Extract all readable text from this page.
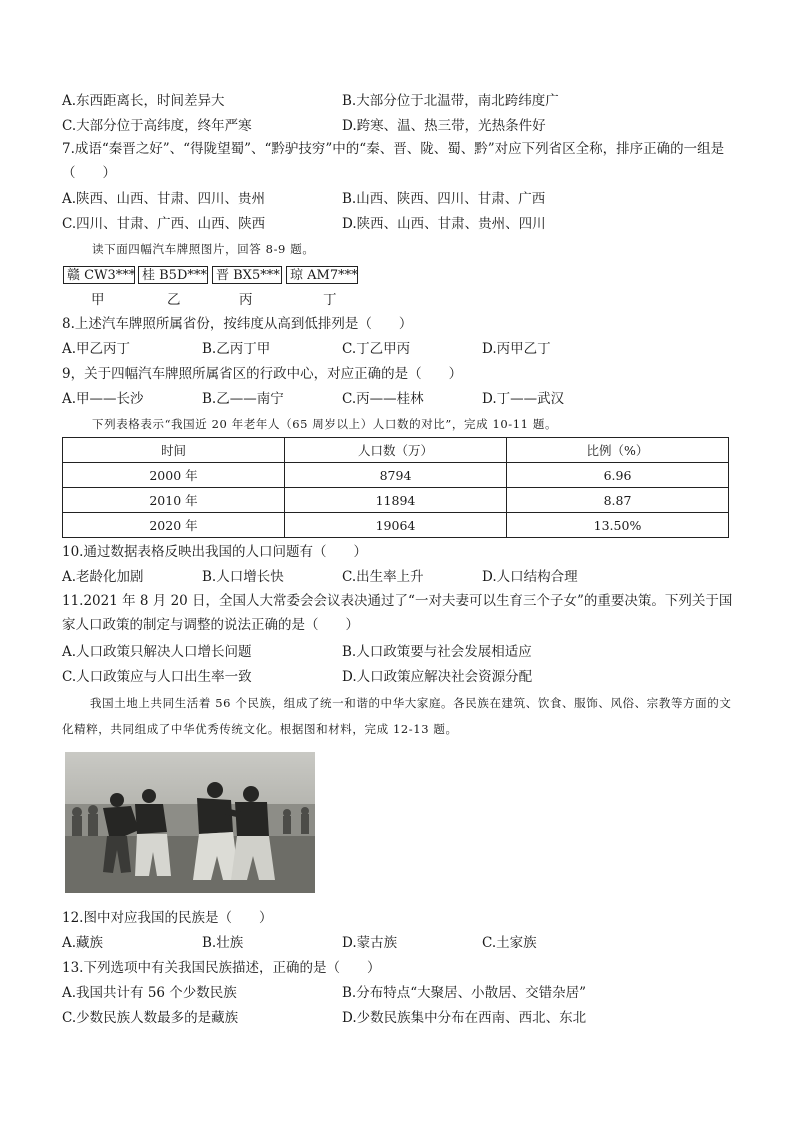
A.东西距离长，时间差异大	B.大部分位于北温带，南北跨纬度广
C.大部分位于高纬度，终年严寒	D.跨寒、温、热三带，光热条件好
7.成语“秦晋之好”、“得陇望蜀”、“黔驴技穷”中的“秦、晋、陇、蜀、黔”对应下列省区全称，排序正确的一组是（　　）
A.陕西、山西、甘肃、四川、贵州	B.山西、陕西、四川、甘肃、广西
C.四川、甘肃、广西、山西、陕西	D.陕西、山西、甘肃、贵州、四川
读下面四幅汽车牌照图片，回答 8-9 题。
赣 CW3*** 桂 B5D*** 晋 BX5*** 琼 AM7***
甲	乙	丙	丁
8.上述汽车牌照所属省份，按纬度从高到低排列是（　　）
A.甲乙丙丁	B.乙丙丁甲	C.丁乙甲丙	D.丙甲乙丁
9，关于四幅汽车牌照所属省区的行政中心，对应正确的是（　　）
A.甲——长沙	B.乙——南宁	C.丙——桂林	D.丁——武汉
下列表格表示“我国近 20 年老年人（65 周岁以上）人口数的对比”，完成 10-11 题。
时间	人口数（万）	比例（%）
2000 年	8794	6.96
2010 年	11894	8.87
2020 年	19064	13.50%
10.通过数据表格反映出我国的人口问题有（　　）
A.老龄化加剧	B.人口增长快	C.出生率上升	D.人口结构合理
11.2021 年 8 月 20 日，全国人大常委会会议表决通过了“一对夫妻可以生育三个子女”的重要决策。下列关于国家人口政策的制定与调整的说法正确的是（　　）
A.人口政策只解决人口增长问题	B.人口政策要与社会发展相适应
C.人口政策应与人口出生率一致	D.人口政策应解决社会资源分配
我国土地上共同生活着 56 个民族，组成了统一和谐的中华大家庭。各民族在建筑、饮食、服饰、风俗、宗教等方面的文化精粹，共同组成了中华优秀传统文化。根据图和材料，完成 12-13 题。
12.图中对应我国的民族是（　　）
A.藏族	B.壮族	D.蒙古族	C.土家族
13.下列选项中有关我国民族描述，正确的是（　　）
A.我国共计有 56 个少数民族	B.分布特点“大聚居、小散居、交错杂居”
C.少数民族人数最多的是藏族	D.少数民族集中分布在西南、西北、东北
